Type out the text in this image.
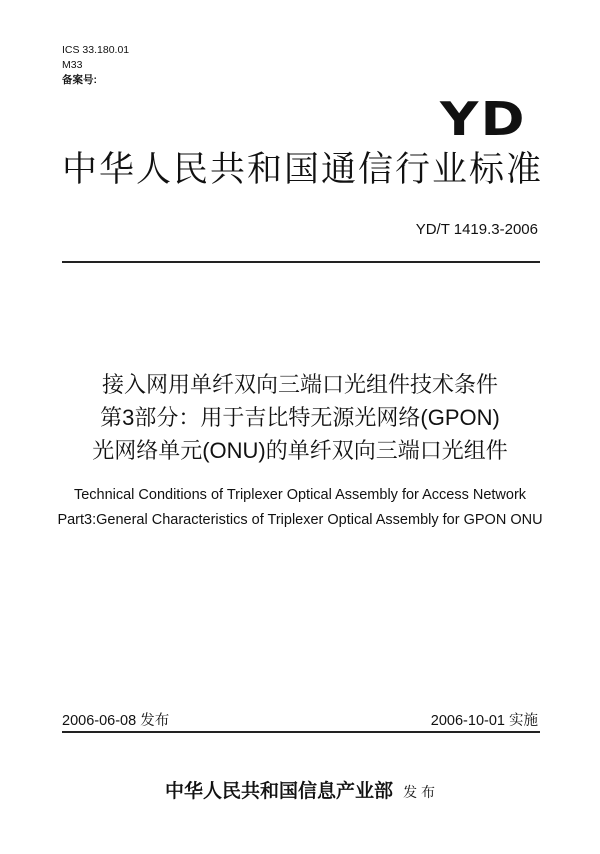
ICS 33.180.01
M33
备案号:
YD
中华人民共和国通信行业标准
YD/T 1419.3-2006
接入网用单纤双向三端口光组件技术条件
第3部分：用于吉比特无源光网络(GPON)
光网络单元(ONU)的单纤双向三端口光组件
Technical Conditions of Triplexer Optical Assembly for Access Network
Part3:General Characteristics of Triplexer Optical Assembly for GPON ONU
2006-06-08 发布	2006-10-01 实施
中华人民共和国信息产业部 发 布
